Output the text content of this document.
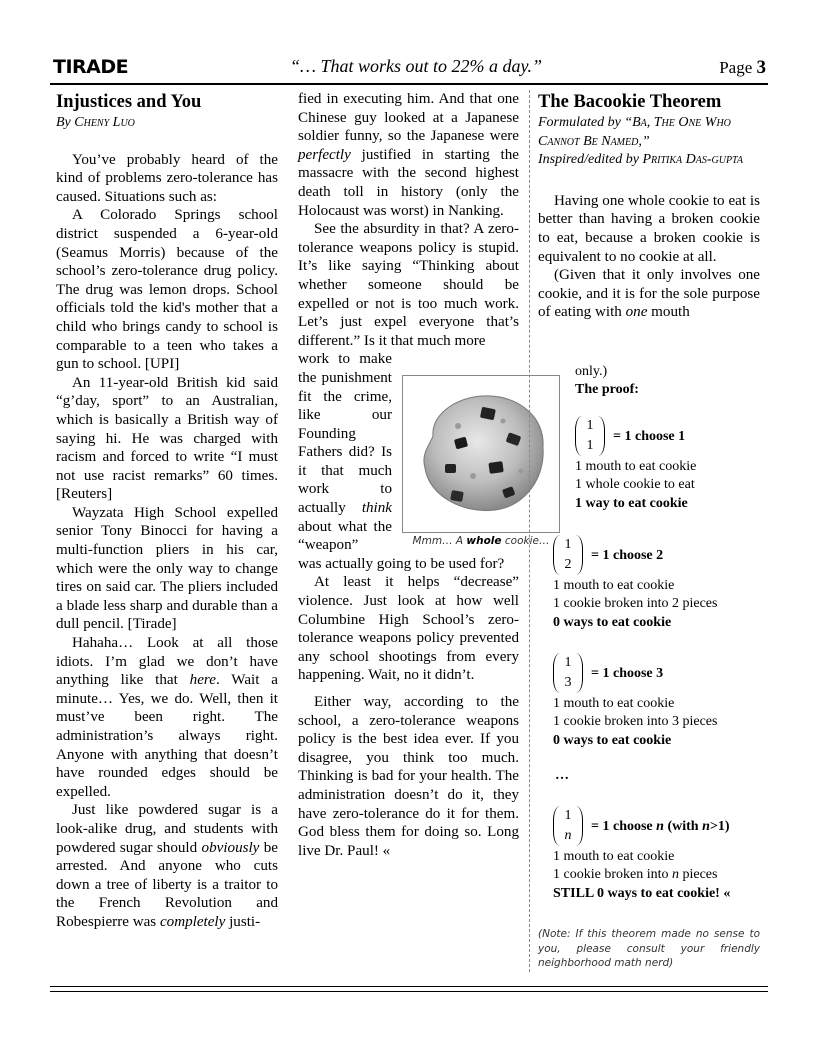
TIRADE	“… That works out to 22% a day.”	Page 3
Injustices and You
By Cheny Luo

You’ve probably heard of the kind of problems zero-tolerance has caused. Situations such as:

A Colorado Springs school district suspended a 6-year-old (Seamus Morris) because of the school’s zero-tolerance drug policy. The drug was lemon drops. School officials told the kid's mother that a child who brings candy to school is comparable to a teen who takes a gun to school. [UPI]

An 11-year-old British kid said “g’day, sport” to an Australian, which is basically a British way of saying hi. He was charged with racism and forced to write “I must not use racist remarks” 60 times. [Reuters]

Wayzata High School expelled senior Tony Binocci for having a multi-function pliers in his car, which were the only way to change tires on said car. The pliers included a blade less sharp and durable than a dull pencil. [Tirade]

Hahaha… Look at all those idiots. I’m glad we don’t have anything like that here. Wait a minute… Yes, we do. Well, then it must’ve been right. The administration’s always right. Anyone with anything that doesn’t have rounded edges should be expelled.

Just like powdered sugar is a look-alike drug, and students with powdered sugar should obviously be arrested. And anyone who cuts down a tree of liberty is a traitor to the French Revolution and Robespierre was completely justi-

fied in executing him. And that one Chinese guy looked at a Japanese soldier funny, so the Japanese were perfectly justified in starting the massacre with the second highest death toll in history (only the Holocaust was worst) in Nanking.

See the absurdity in that? A zero-tolerance weapons policy is stupid. It’s like saying “Thinking about whether someone should be expelled or not is too much work. Let’s just expel everyone that’s different.” Is it that much more

work to make the punishment fit the crime, like our Founding Fathers did? Is it that much work to actually think about what the “weapon”

was actually going to be used for?

At least it helps “decrease” violence. Just look at how well Columbine High School’s zero-tolerance weapons policy prevented any school shootings from every happening. Wait, no it didn’t.

Either way, according to the school, a zero-tolerance weapons policy is the best idea ever. If you disagree, you think too much. Thinking is bad for your health. The administration doesn’t do it, they have zero-tolerance do it for them. God bless them for doing so. Long live Dr. Paul! «

Mmm… A whole cookie…
The Bacookie Theorem
Formulated by “Ba, The One Who Cannot Be Named,”
Inspired/edited by Pritika Das-gupta

Having one whole cookie to eat is better than having a broken cookie to eat, because a broken cookie is equivalent to no cookie at all.

(Given that it only involves one cookie, and it is for the sole purpose of eating with one mouth

only.)
The proof:
1
1
= 1 choose 1
1 mouth to eat cookie
1 whole cookie to eat
1 way to eat cookie
1
2
= 1 choose 2
1 mouth to eat cookie
1 cookie broken into 2 pieces
0 ways to eat cookie
1
3
= 1 choose 3
1 mouth to eat cookie
1 cookie broken into 3 pieces
0 ways to eat cookie
…
1
n
= 1 choose n (with n>1)
1 mouth to eat cookie
1 cookie broken into n pieces
STILL 0 ways to eat cookie! «
(Note: If this theorem made no sense to you, please consult your friendly neighborhood math nerd)
